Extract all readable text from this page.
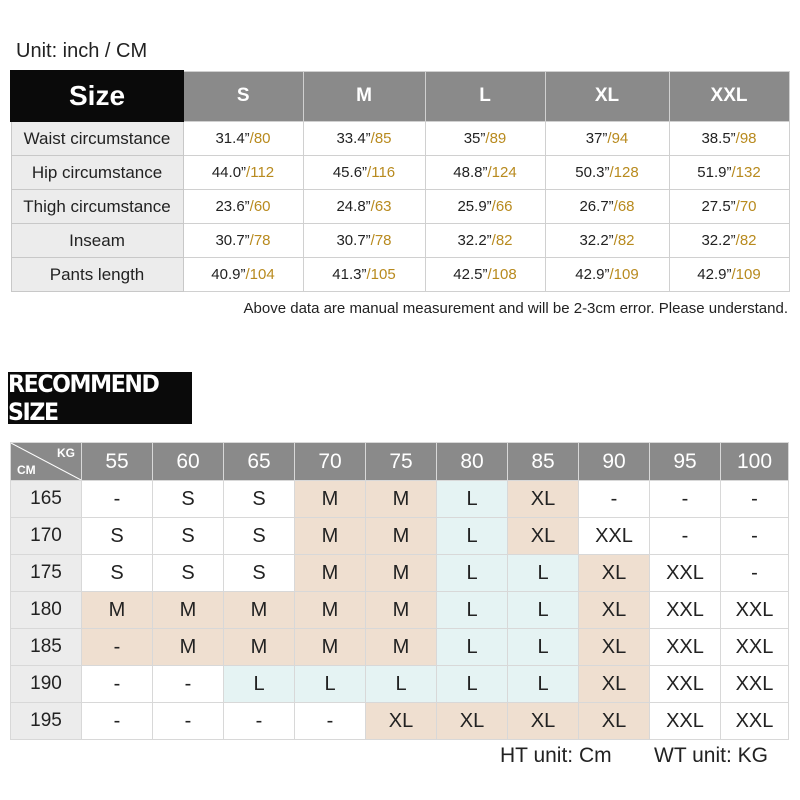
Unit: inch / CM
Size	S	M	L	XL	XXL
Waist circumstance	31.4”/80	33.4”/85	35”/89	37”/94	38.5”/98
Hip circumstance	44.0”/112	45.6”/116	48.8”/124	50.3”/128	51.9”/132
Thigh circumstance	23.6”/60	24.8”/63	25.9”/66	26.7”/68	27.5”/70
Inseam	30.7”/78	30.7”/78	32.2”/82	32.2”/82	32.2”/82
Pants length	40.9”/104	41.3”/105	42.5”/108	42.9”/109	42.9”/109
Above data are manual measurement and will be 2-3cm error. Please understand.
RECOMMEND SIZE
KG
CM	55	60	65	70	75	80	85	90	95	100
165	-	S	S	M	M	L	XL	-	-	-
170	S	S	S	M	M	L	XL	XXL	-	-
175	S	S	S	M	M	L	L	XL	XXL	-
180	M	M	M	M	M	L	L	XL	XXL	XXL
185	-	M	M	M	M	L	L	XL	XXL	XXL
190	-	-	L	L	L	L	L	XL	XXL	XXL
195	-	-	-	-	XL	XL	XL	XL	XXL	XXL
HT unit: Cm WT unit: KG
